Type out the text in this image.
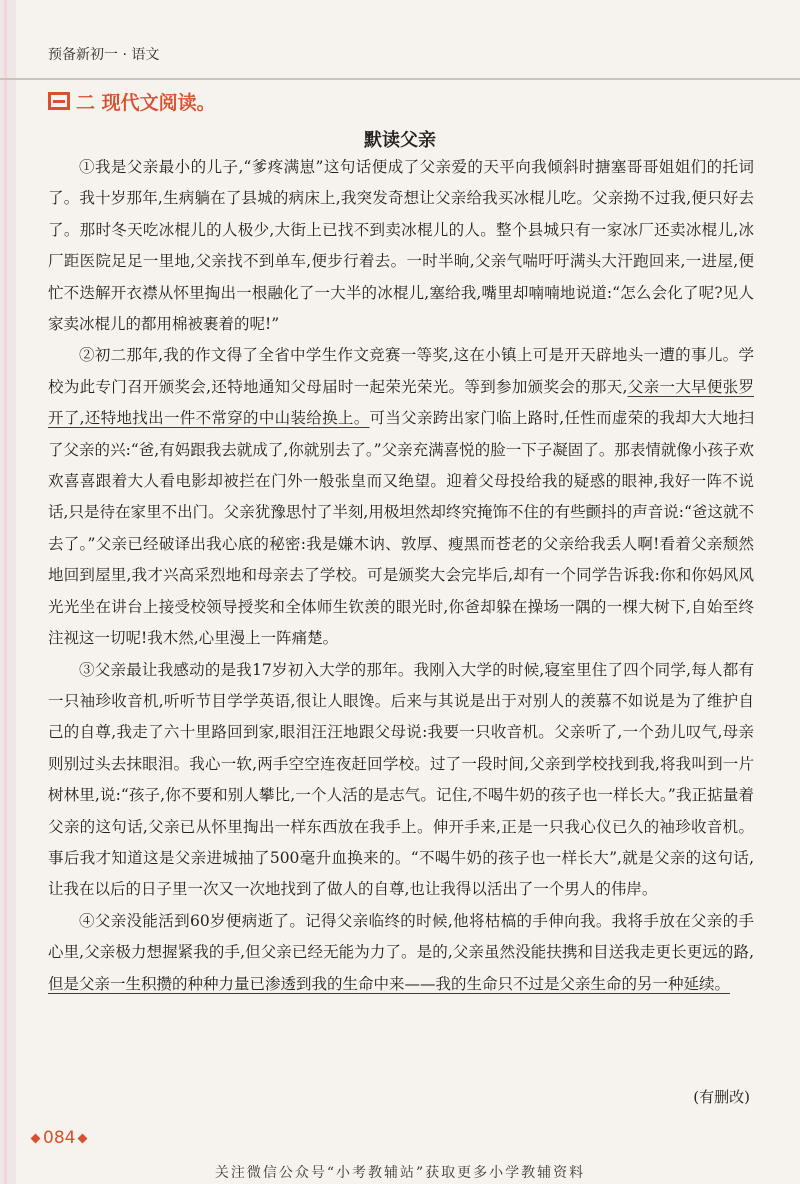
预备新初一 · 语文
二 现代文阅读。
默读父亲

①我是父亲最小的儿子,“爹疼满崽”这句话便成了父亲爱的天平向我倾斜时搪塞哥哥姐姐们的托词了。我十岁那年,生病躺在了县城的病床上,我突发奇想让父亲给我买冰棍儿吃。父亲拗不过我,便只好去了。那时冬天吃冰棍儿的人极少,大街上已找不到卖冰棍儿的人。整个县城只有一家冰厂还卖冰棍儿,冰厂距医院足足一里地,父亲找不到单车,便步行着去。一时半晌,父亲气喘吁吁满头大汗跑回来,一进屋,便忙不迭解开衣襟从怀里掏出一根融化了一大半的冰棍儿,塞给我,嘴里却喃喃地说道:“怎么会化了呢?见人家卖冰棍儿的都用棉被裹着的呢!”

②初二那年,我的作文得了全省中学生作文竞赛一等奖,这在小镇上可是开天辟地头一遭的事儿。学校为此专门召开颁奖会,还特地通知父母届时一起荣光荣光。等到参加颁奖会的那天,父亲一大早便张罗开了,还特地找出一件不常穿的中山装给换上。可当父亲跨出家门临上路时,任性而虚荣的我却大大地扫了父亲的兴:“爸,有妈跟我去就成了,你就别去了。”父亲充满喜悦的脸一下子凝固了。那表情就像小孩子欢欢喜喜跟着大人看电影却被拦在门外一般张皇而又绝望。迎着父母投给我的疑惑的眼神,我好一阵不说话,只是待在家里不出门。父亲犹豫思忖了半刻,用极坦然却终究掩饰不住的有些颤抖的声音说:“爸这就不去了。”父亲已经破译出我心底的秘密:我是嫌木讷、敦厚、瘦黑而苍老的父亲给我丢人啊!看着父亲颓然地回到屋里,我才兴高采烈地和母亲去了学校。可是颁奖大会完毕后,却有一个同学告诉我:你和你妈风风光光坐在讲台上接受校领导授奖和全体师生钦羡的眼光时,你爸却躲在操场一隅的一棵大树下,自始至终注视这一切呢!我木然,心里漫上一阵痛楚。

③父亲最让我感动的是我17岁初入大学的那年。我刚入大学的时候,寝室里住了四个同学,每人都有一只袖珍收音机,听听节目学学英语,很让人眼馋。后来与其说是出于对别人的羡慕不如说是为了维护自己的自尊,我走了六十里路回到家,眼泪汪汪地跟父母说:我要一只收音机。父亲听了,一个劲儿叹气,母亲则别过头去抹眼泪。我心一软,两手空空连夜赶回学校。过了一段时间,父亲到学校找到我,将我叫到一片树林里,说:“孩子,你不要和别人攀比,一个人活的是志气。记住,不喝牛奶的孩子也一样长大。”我正掂量着父亲的这句话,父亲已从怀里掏出一样东西放在我手上。伸开手来,正是一只我心仪已久的袖珍收音机。事后我才知道这是父亲进城抽了500毫升血换来的。“不喝牛奶的孩子也一样长大”,就是父亲的这句话,让我在以后的日子里一次又一次地找到了做人的自尊,也让我得以活出了一个男人的伟岸。

④父亲没能活到60岁便病逝了。记得父亲临终的时候,他将枯槁的手伸向我。我将手放在父亲的手心里,父亲极力想握紧我的手,但父亲已经无能为力了。是的,父亲虽然没能扶携和目送我走更长更远的路,但是父亲一生积攒的种种力量已渗透到我的生命中来——我的生命只不过是父亲生命的另一种延续。

(有删改)
084
关注微信公众号“小考教辅站”获取更多小学教辅资料
